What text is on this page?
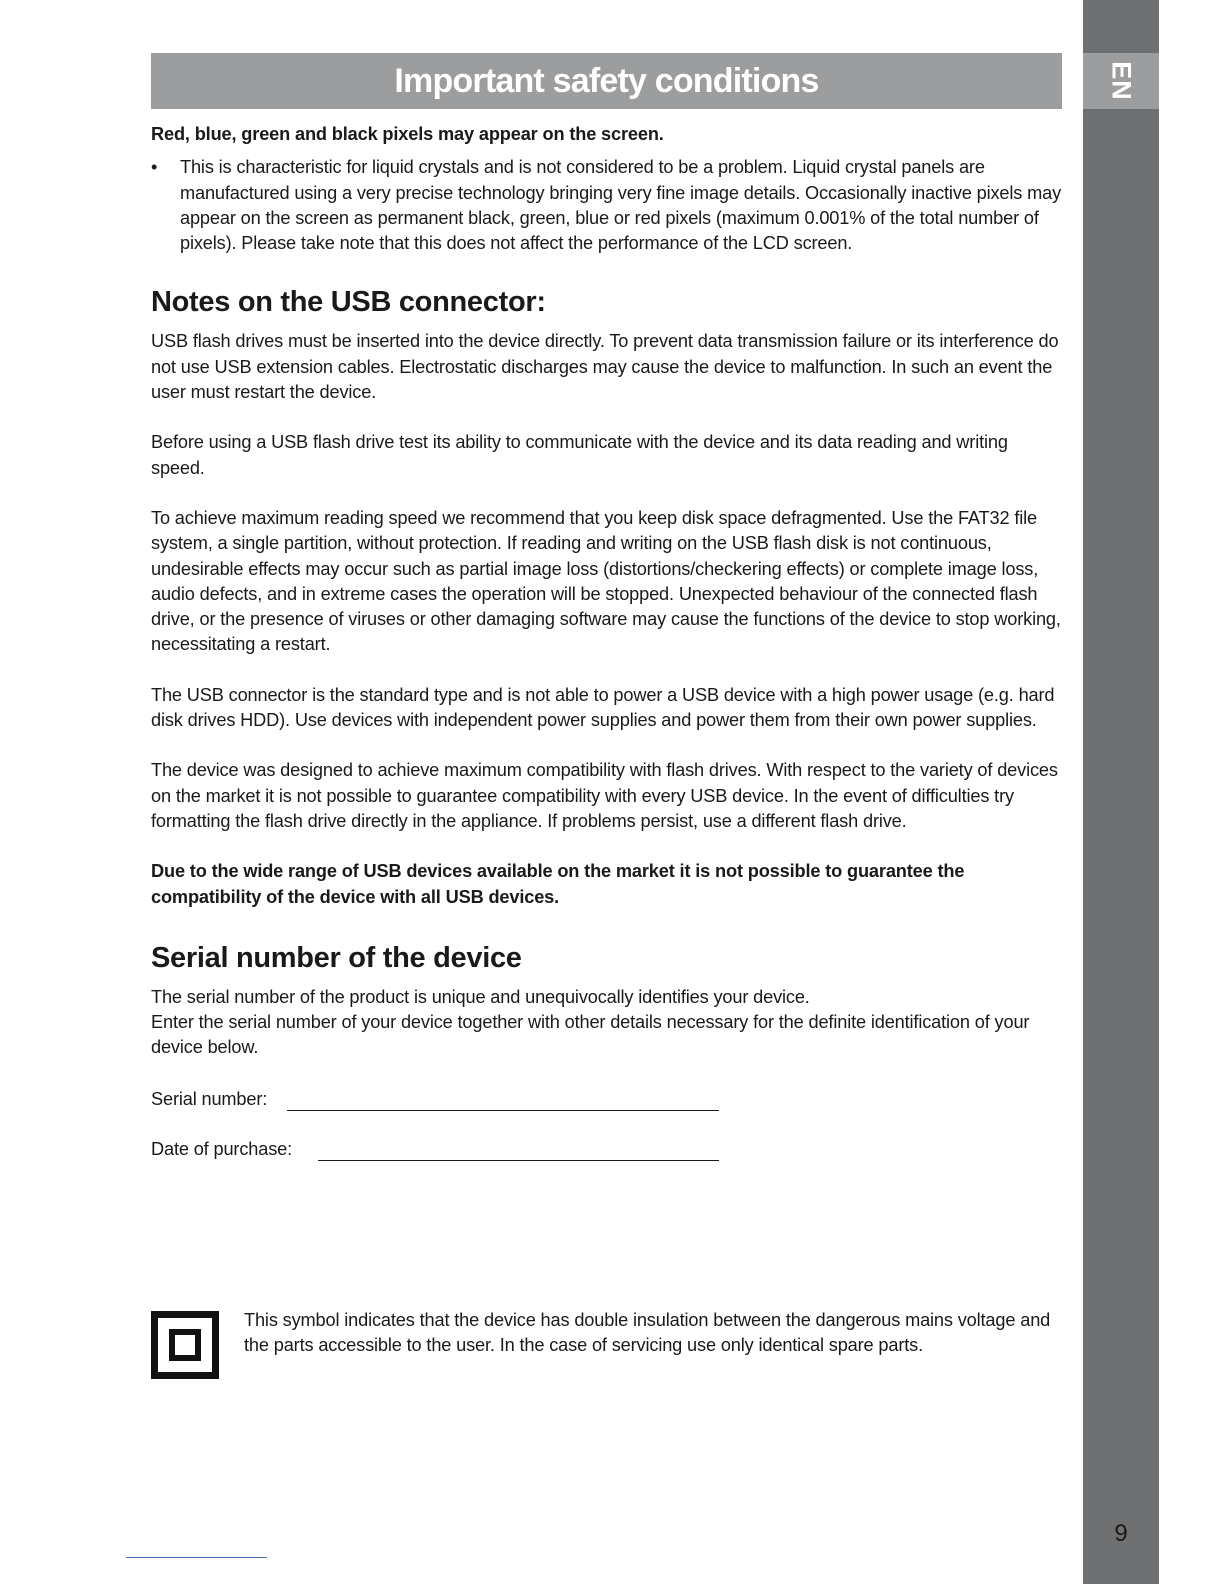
EN
9
Important safety conditions
Red, blue, green and black pixels may appear on the screen.
• This is characteristic for liquid crystals and is not considered to be a problem. Liquid crystal panels are manufactured using a very precise technology bringing very fine image details. Occasionally inactive pixels may appear on the screen as permanent black, green, blue or red pixels (maximum 0.001% of the total number of pixels). Please take note that this does not affect the performance of the LCD screen.
Notes on the USB connector:

USB flash drives must be inserted into the device directly. To prevent data transmission failure or its interference do not use USB extension cables. Electrostatic discharges may cause the device to malfunction. In such an event the user must restart the device.

Before using a USB flash drive test its ability to communicate with the device and its data reading and writing speed.

To achieve maximum reading speed we recommend that you keep disk space defragmented. Use the FAT32 file system, a single partition, without protection. If reading and writing on the USB flash disk is not continuous, undesirable effects may occur such as partial image loss (distortions/checkering effects) or complete image loss, audio defects, and in extreme cases the operation will be stopped. Unexpected behaviour of the connected flash drive, or the presence of viruses or other damaging software may cause the functions of the device to stop working, necessitating a restart.

The USB connector is the standard type and is not able to power a USB device with a high power usage (e.g. hard disk drives HDD). Use devices with independent power supplies and power them from their own power supplies.

The device was designed to achieve maximum compatibility with flash drives. With respect to the variety of devices on the market it is not possible to guarantee compatibility with every USB device. In the event of difficulties try formatting the flash drive directly in the appliance. If problems persist, use a different flash drive.

Due to the wide range of USB devices available on the market it is not possible to guarantee the compatibility of the device with all USB devices.

Serial number of the device
The serial number of the product is unique and unequivocally identifies your device.
Enter the serial number of your device together with other details necessary for the definite identification of your device below.
Serial number:
Date of purchase:
This symbol indicates that the device has double insulation between the dangerous mains voltage and the parts accessible to the user. In the case of servicing use only identical spare parts.
